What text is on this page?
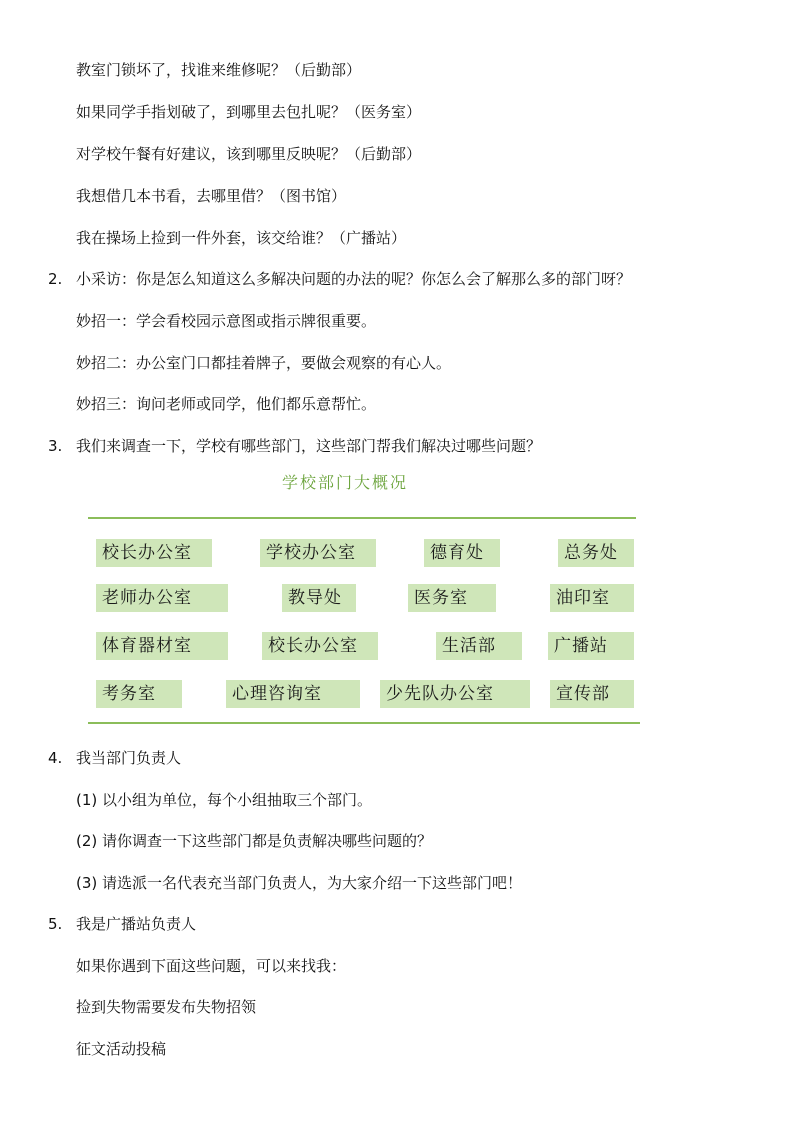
教室门锁坏了，找谁来维修呢？（后勤部）

如果同学手指划破了，到哪里去包扎呢？（医务室）

对学校午餐有好建议，该到哪里反映呢？（后勤部）

我想借几本书看，去哪里借？（图书馆）

我在操场上捡到一件外套，该交给谁？（广播站）

2. 小采访：你是怎么知道这么多解决问题的办法的呢？你怎么会了解那么多的部门呀？

妙招一：学会看校园示意图或指示牌很重要。

妙招二：办公室门口都挂着牌子，要做会观察的有心人。

妙招三：询问老师或同学，他们都乐意帮忙。

3. 我们来调查一下，学校有哪些部门，这些部门帮我们解决过哪些问题？

学校部门大概况

校长办公室	学校办公室	德育处	总务处
老师办公室	教导处	医务室	油印室
体育器材室	校长办公室	生活部	广播站
考务室	心理咨询室	少先队办公室	宣传部

4. 我当部门负责人

(1) 以小组为单位，每个小组抽取三个部门。

(2) 请你调查一下这些部门都是负责解决哪些问题的？

(3) 请选派一名代表充当部门负责人，为大家介绍一下这些部门吧！

5. 我是广播站负责人

如果你遇到下面这些问题，可以来找我：

捡到失物需要发布失物招领

征文活动投稿
